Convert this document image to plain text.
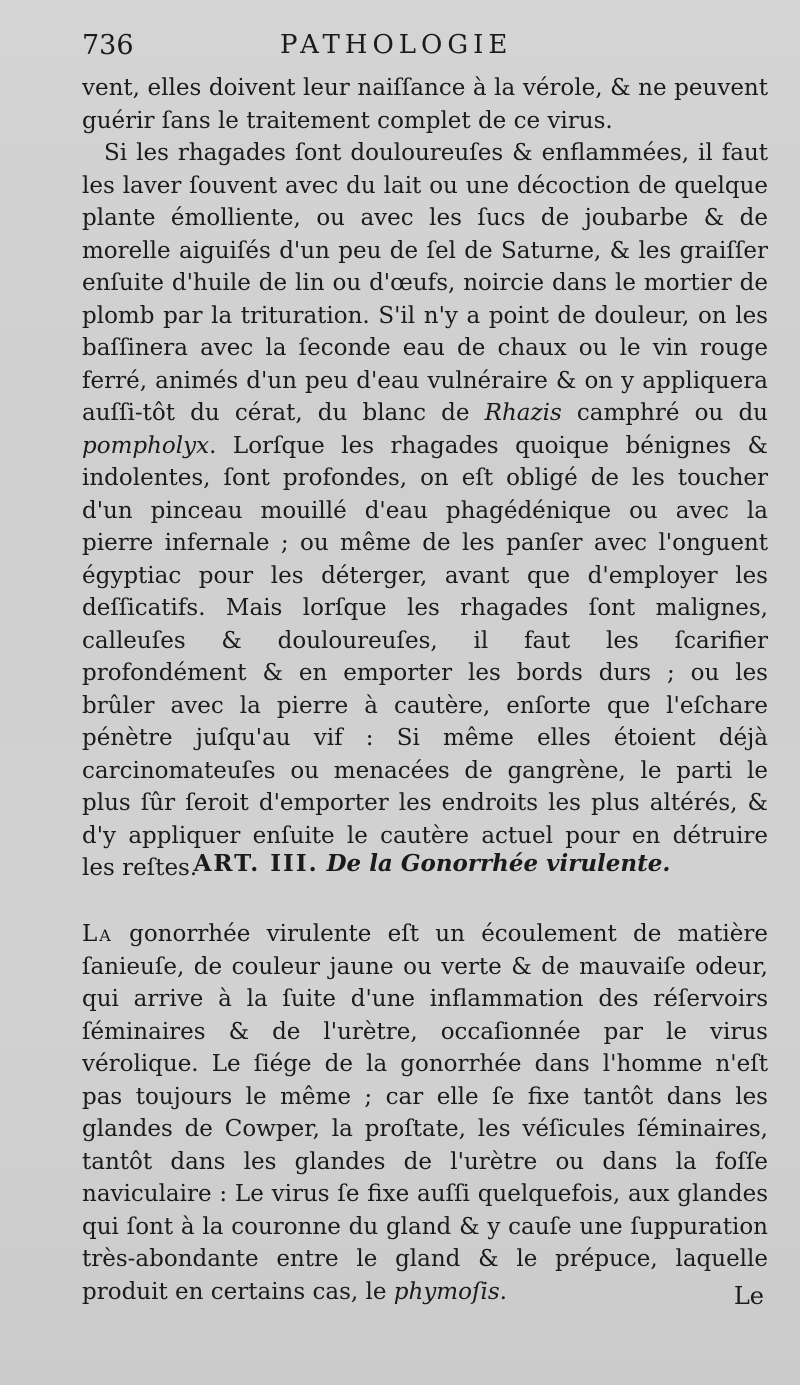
736	PATHOLOGIE

vent, elles doivent leur naiſſance à la vérole, & ne peuvent guérir ſans le traitement complet de ce virus.

Si les rhagades ſont douloureuſes & enflammées, il faut les laver ſouvent avec du lait ou une décoction de quelque plante émolliente, ou avec les ſucs de joubarbe & de morelle aiguiſés d'un peu de ſel de Saturne, & les graiſſer enſuite d'huile de lin ou d'œufs, noircie dans le mortier de plomb par la trituration. S'il n'y a point de douleur, on les baſſinera avec la ſeconde eau de chaux ou le vin rouge ferré, animés d'un peu d'eau vulnéraire & on y appliquera auſſi-tôt du cérat, du blanc de Rhazis camphré ou du pompholyx. Lorſque les rhagades quoique bénignes & indolentes, ſont profondes, on eſt obligé de les toucher d'un pinceau mouillé d'eau phagédénique ou avec la pierre infernale ; ou même de les panſer avec l'onguent égyptiac pour les déterger, avant que d'employer les deſſicatifs. Mais lorſque les rhagades ſont malignes, calleuſes & douloureuſes, il faut les ſcarifier profondément & en emporter les bords durs ; ou les brûler avec la pierre à cautère, enſorte que l'eſchare pénètre juſqu'au vif : Si même elles étoient déjà carcinomateuſes ou menacées de gangrène, le parti le plus ſûr ſeroit d'emporter les endroits les plus altérés, & d'y appliquer enſuite le cautère actuel pour en détruire les reſtes.

ART. III. De la Gonorrhée virulente.

La gonorrhée virulente eſt un écoulement de matière ſanieuſe, de couleur jaune ou verte & de mauvaiſe odeur, qui arrive à la ſuite d'une inflammation des réſervoirs ſéminaires & de l'urètre, occaſionnée par le virus vérolique. Le ſiége de la gonorrhée dans l'homme n'eſt pas toujours le même ; car elle ſe fixe tantôt dans les glandes de Cowper, la proſtate, les véſicules ſéminaires, tantôt dans les glandes de l'urètre ou dans la foſſe naviculaire : Le virus ſe fixe auſſi quelquefois, aux glandes qui ſont à la couronne du gland & y cauſe une ſuppuration très-abondante entre le gland & le prépuce, laquelle produit en certains cas, le phymoſis.	Le
